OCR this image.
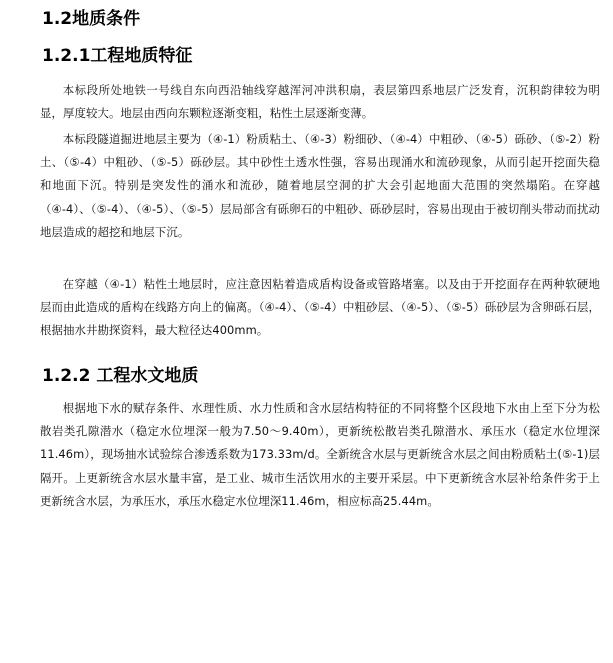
1.2地质条件
1.2.1工程地质特征

本标段所处地铁一号线自东向西沿轴线穿越浑河冲洪积扇，表层第四系地层广泛发育，沉积韵律较为明显，厚度较大。地层由西向东颗粒逐渐变粗，粘性土层逐渐变薄。

本标段隧道掘进地层主要为（④-1）粉质粘土、（④-3）粉细砂、（④-4）中粗砂、（④-5）砾砂、（⑤-2）粉土、（⑤-4）中粗砂、（⑤-5）砾砂层。其中砂性土透水性强，容易出现涌水和流砂现象，从而引起开挖面失稳和地面下沉。特别是突发性的涌水和流砂，随着地层空洞的扩大会引起地面大范围的突然塌陷。在穿越（④-4）、（⑤-4）、（④-5）、（⑤-5）层局部含有砾卵石的中粗砂、砾砂层时，容易出现由于被切削头带动而扰动地层造成的超挖和地层下沉。

在穿越（④-1）粘性土地层时，应注意因粘着造成盾构设备或管路堵塞。以及由于开挖面存在两种软硬地层而由此造成的盾构在线路方向上的偏离。（④-4）、（⑤-4）中粗砂层、（④-5）、（⑤-5）砾砂层为含卵砾石层，根据抽水井勘探资料，最大粒径达400mm。

1.2.2 工程水文地质

根据地下水的赋存条件、水理性质、水力性质和含水层结构特征的不同将整个区段地下水由上至下分为松散岩类孔隙潜水（稳定水位埋深一般为7.50～9.40m），更新统松散岩类孔隙潜水、承压水（稳定水位埋深11.46m），现场抽水试验综合渗透系数为173.33m/d。全新统含水层与更新统含水层之间由粉质粘土(⑤-1)层隔开。上更新统含水层水量丰富，是工业、城市生活饮用水的主要开采层。中下更新统含水层补给条件劣于上更新统含水层，为承压水，承压水稳定水位埋深11.46m，相应标高25.44m。
